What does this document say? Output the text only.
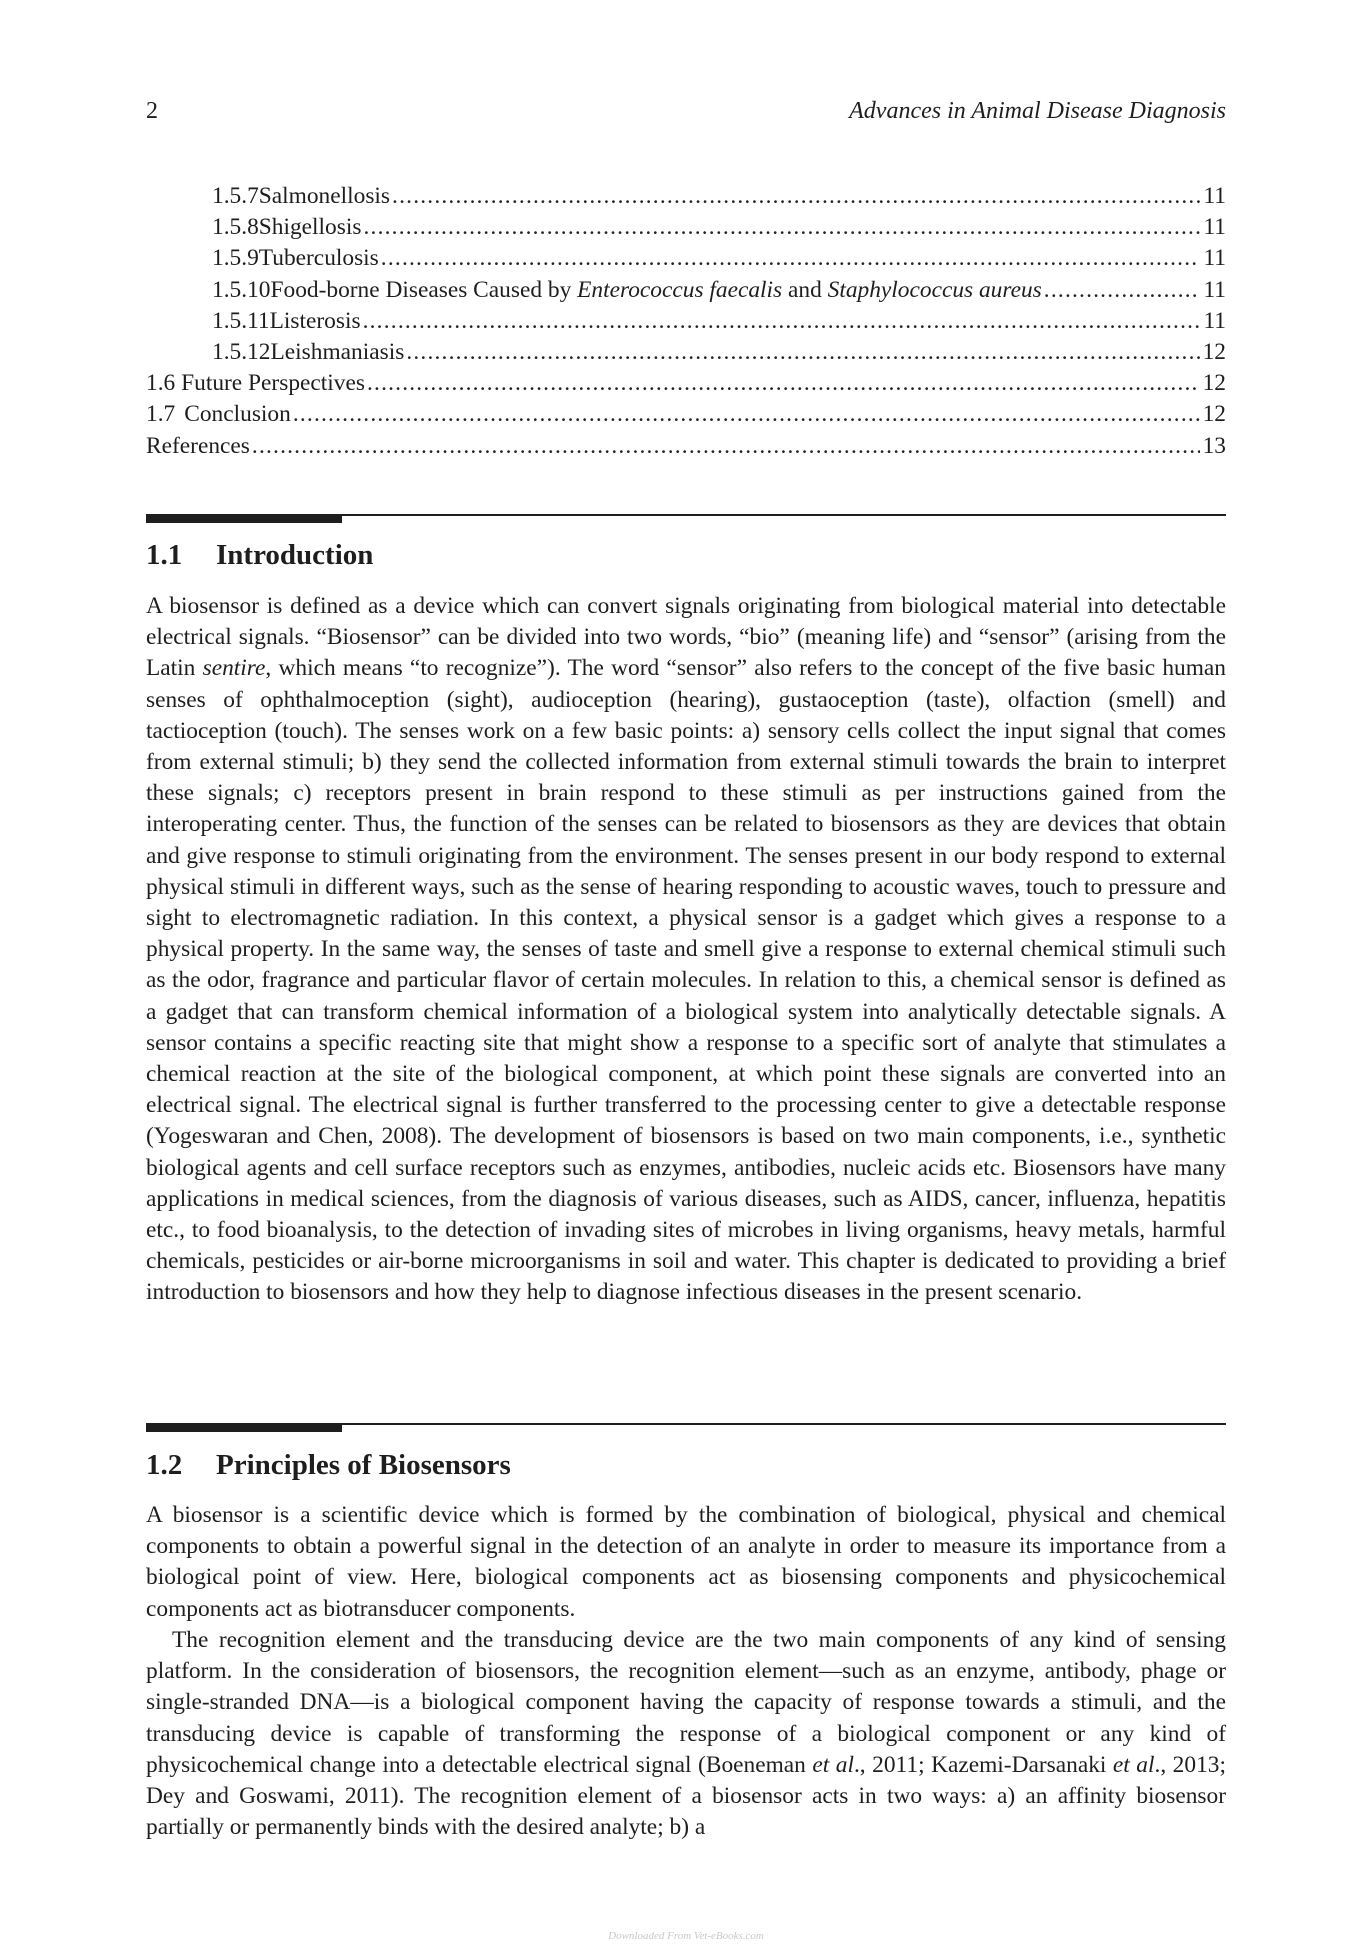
2	Advances in Animal Disease Diagnosis
1.5.7 Salmonellosis .....	11
1.5.8 Shigellosis .....	11
1.5.9 Tuberculosis .....	11
1.5.10 Food-borne Diseases Caused by Enterococcus faecalis and Staphylococcus aureus .....	11
1.5.11 Listerosis .....	11
1.5.12 Leishmaniasis .....	12
1.6 Future Perspectives .....	12
1.7 Conclusion .....	12
References .....	13
1.1 Introduction

A biosensor is defined as a device which can convert signals originating from biological material into detectable electrical signals. “Biosensor” can be divided into two words, “bio” (meaning life) and “sensor” (arising from the Latin sentire, which means “to recognize”). The word “sensor” also refers to the concept of the five basic human senses of ophthalmoception (sight), audioception (hearing), gustaoception (taste), olfaction (smell) and tactioception (touch). The senses work on a few basic points: a) sensory cells collect the input signal that comes from external stimuli; b) they send the collected information from external stimuli towards the brain to interpret these signals; c) receptors present in brain respond to these stimuli as per instructions gained from the interoperating center. Thus, the function of the senses can be related to biosensors as they are devices that obtain and give response to stimuli originating from the environment. The senses present in our body respond to external physical stimuli in different ways, such as the sense of hearing responding to acoustic waves, touch to pressure and sight to electromagnetic radiation. In this context, a physical sensor is a gadget which gives a response to a physical property. In the same way, the senses of taste and smell give a response to external chemical stimuli such as the odor, fragrance and particular flavor of certain molecules. In relation to this, a chemical sensor is defined as a gadget that can transform chemical information of a biological system into analytically detectable signals. A sensor contains a specific reacting site that might show a response to a specific sort of analyte that stimulates a chemical reaction at the site of the biological component, at which point these signals are converted into an electrical signal. The electrical signal is further transferred to the processing center to give a detectable response (Yogeswaran and Chen, 2008). The development of biosensors is based on two main components, i.e., synthetic biological agents and cell surface receptors such as enzymes, antibodies, nucleic acids etc. Biosensors have many applications in medical sciences, from the diagnosis of various diseases, such as AIDS, cancer, influenza, hepatitis etc., to food bioanalysis, to the detection of invading sites of microbes in living organisms, heavy metals, harmful chemicals, pesticides or air-borne microorganisms in soil and water. This chapter is dedicated to providing a brief introduction to biosensors and how they help to diagnose infectious diseases in the present scenario.

1.2 Principles of Biosensors

A biosensor is a scientific device which is formed by the combination of biological, physical and chemical components to obtain a powerful signal in the detection of an analyte in order to measure its importance from a biological point of view. Here, biological components act as biosensing components and physicochemical components act as biotransducer components.

The recognition element and the transducing device are the two main components of any kind of sensing platform. In the consideration of biosensors, the recognition element—such as an enzyme, antibody, phage or single-stranded DNA—is a biological component having the capacity of response towards a stimuli, and the transducing device is capable of transforming the response of a biological component or any kind of physicochemical change into a detectable electrical signal (Boeneman et al., 2011; Kazemi-Darsanaki et al., 2013; Dey and Goswami, 2011). The recognition element of a biosensor acts in two ways: a) an affinity biosensor partially or permanently binds with the desired analyte; b) a

Downloaded From Vet-eBooks.com
